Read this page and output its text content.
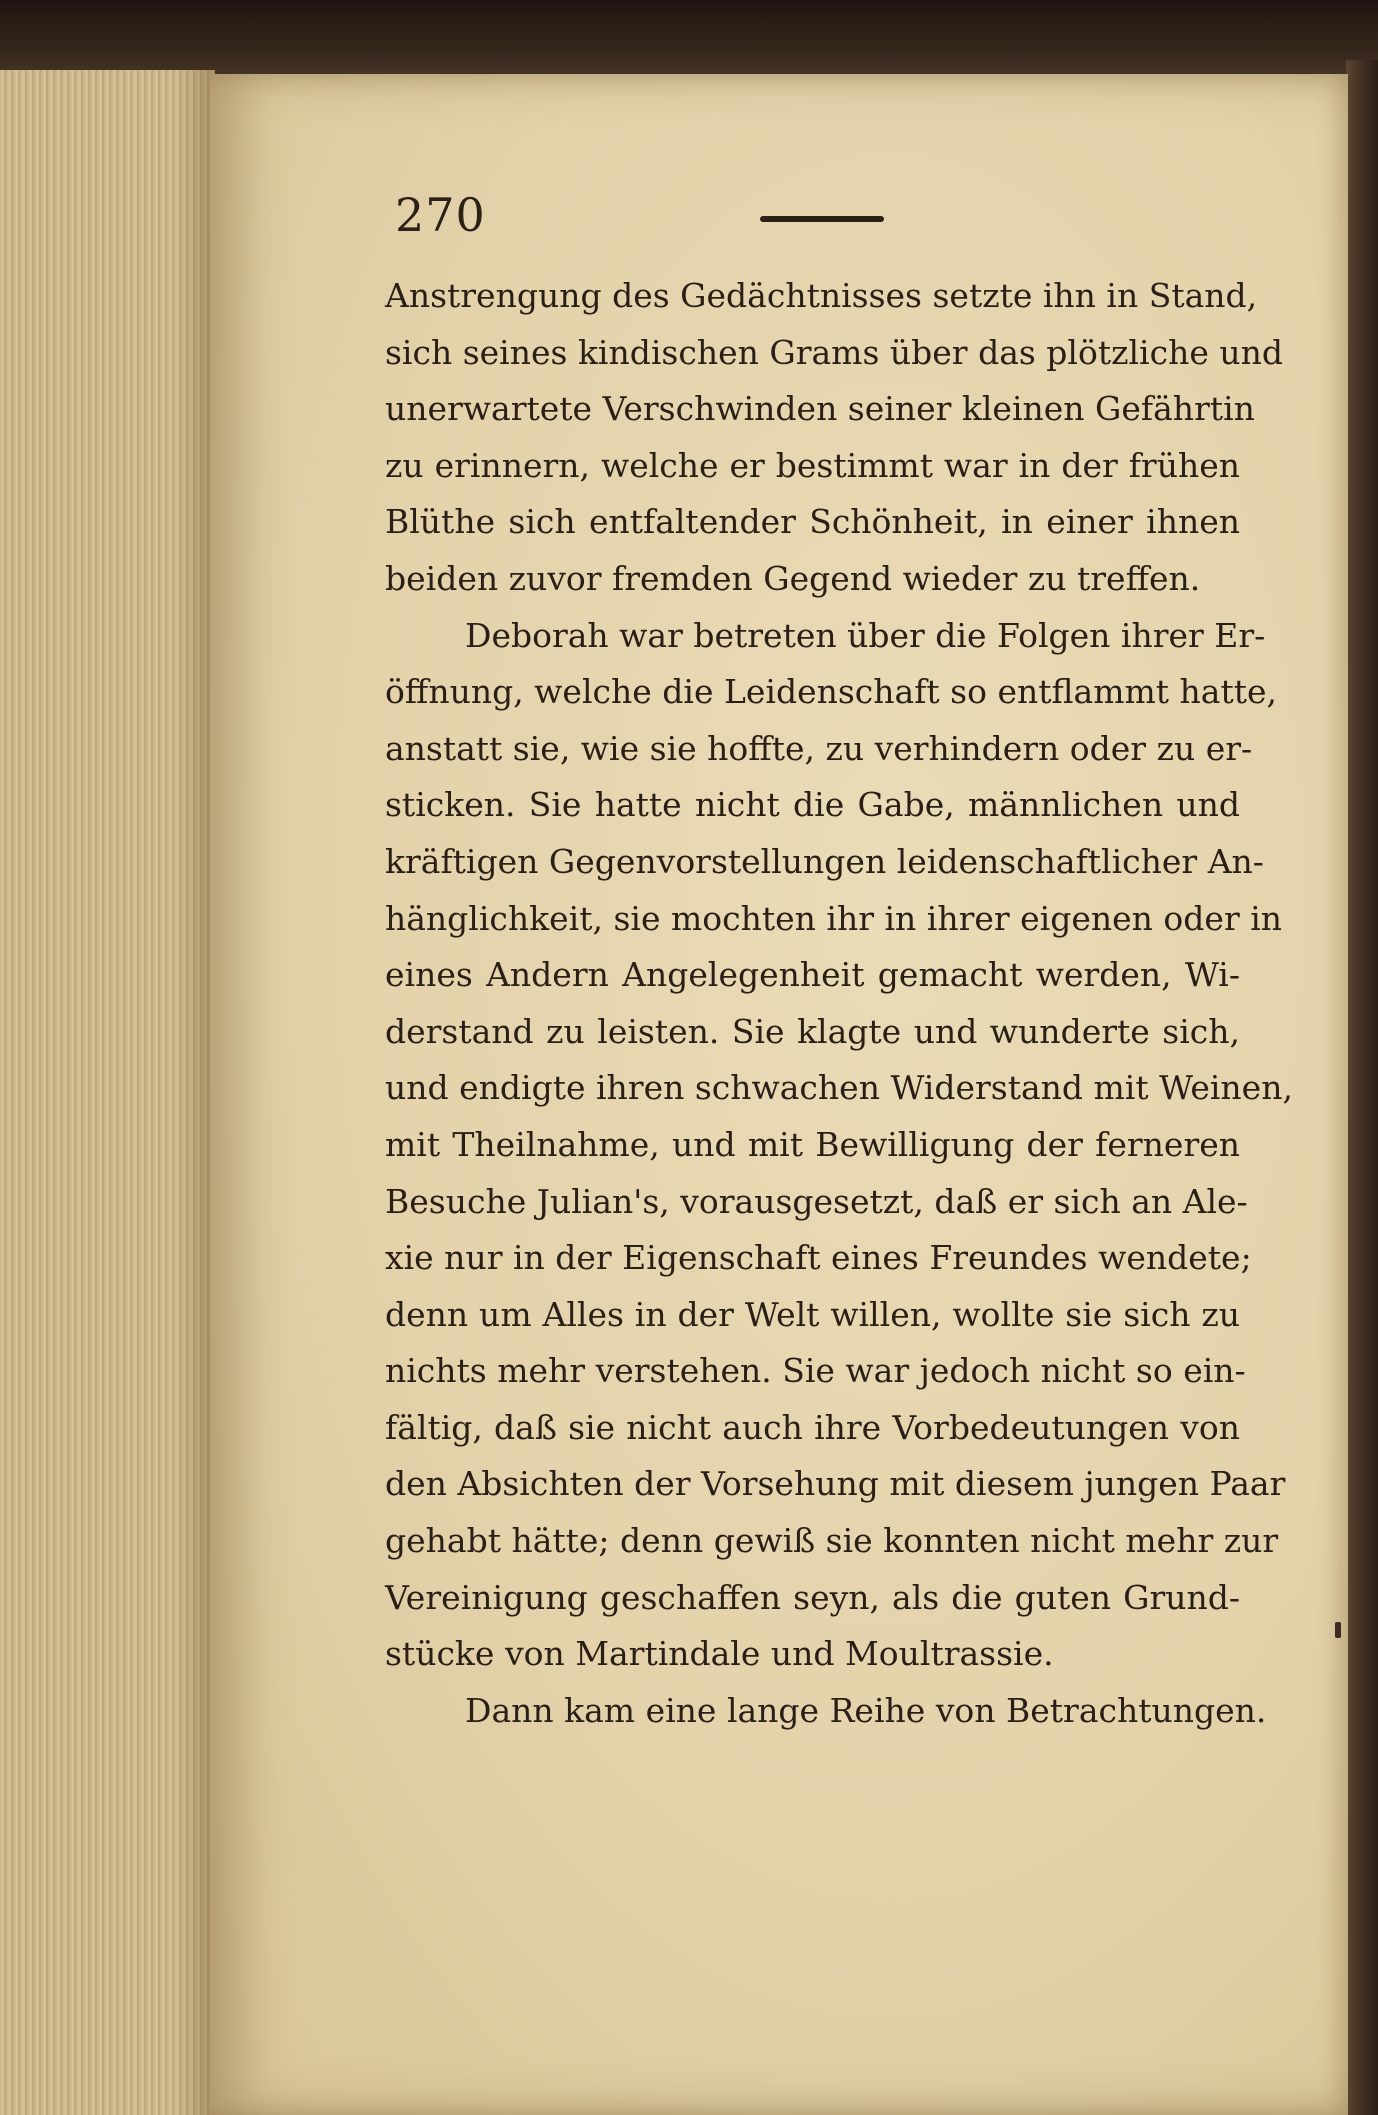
270
Anstrengung des Gedächtnisses setzte ihn in Stand,
sich seines kindischen Grams über das plötzliche und
unerwartete Verschwinden seiner kleinen Gefährtin
zu erinnern, welche er bestimmt war in der frühen
Blüthe sich entfaltender Schönheit, in einer ihnen
beiden zuvor fremden Gegend wieder zu treffen.
Deborah war betreten über die Folgen ihrer Er-
öffnung, welche die Leidenschaft so entflammt hatte,
anstatt sie, wie sie hoffte, zu verhindern oder zu er-
sticken. Sie hatte nicht die Gabe, männlichen und
kräftigen Gegenvorstellungen leidenschaftlicher An-
hänglichkeit, sie mochten ihr in ihrer eigenen oder in
eines Andern Angelegenheit gemacht werden, Wi-
derstand zu leisten. Sie klagte und wunderte sich,
und endigte ihren schwachen Widerstand mit Weinen,
mit Theilnahme, und mit Bewilligung der ferneren
Besuche Julian's, vorausgesetzt, daß er sich an Ale-
xie nur in der Eigenschaft eines Freundes wendete;
denn um Alles in der Welt willen, wollte sie sich zu
nichts mehr verstehen. Sie war jedoch nicht so ein-
fältig, daß sie nicht auch ihre Vorbedeutungen von
den Absichten der Vorsehung mit diesem jungen Paar
gehabt hätte; denn gewiß sie konnten nicht mehr zur
Vereinigung geschaffen seyn, als die guten Grund-
stücke von Martindale und Moultrassie.
Dann kam eine lange Reihe von Betrachtungen.
